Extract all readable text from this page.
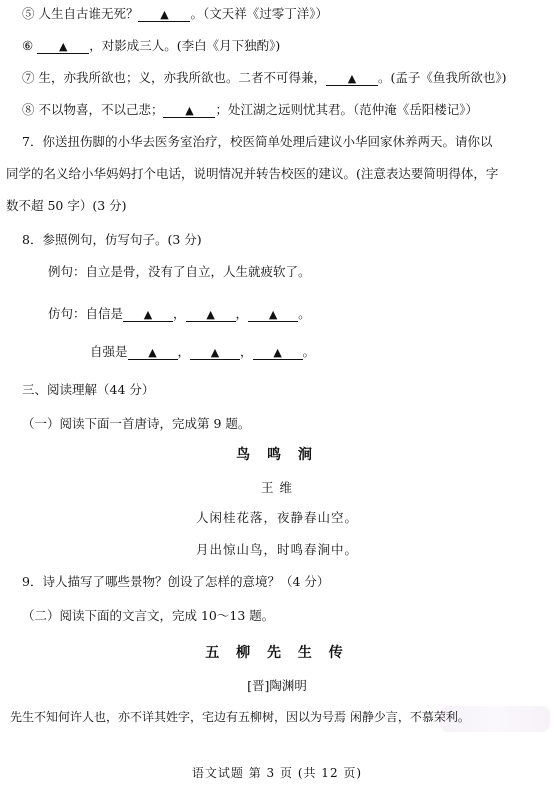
⑤ 人生自古谁无死？ ▲ 。（文天祥《过零丁洋》）
⑥ ▲ ，对影成三人。(李白《月下独酌》)
⑦ 生，亦我所欲也；义，亦我所欲也。二者不可得兼， ▲ 。(孟子《鱼我所欲也》)
⑧ 不以物喜，不以己悲； ▲ ；处江湖之远则忧其君。（范仲淹《岳阳楼记》）
7．你送扭伤脚的小华去医务室治疗，校医简单处理后建议小华回家休养两天。请你以
同学的名义给小华妈妈打个电话，说明情况并转告校医的建议。(注意表达要简明得体，字
数不超 50 字）(3 分)
8．参照例句，仿写句子。(3 分)
例句：自立是骨，没有了自立，人生就疲软了。
仿句：自信是 ▲ ， ▲ ， ▲ 。
自强是 ▲ ， ▲ ， ▲ 。
三、阅读理解（44 分）
（一）阅读下面一首唐诗，完成第 9 题。
鸟 鸣 涧
王 维
人闲桂花落，夜静春山空。
月出惊山鸟，时鸣春涧中。
9．诗人描写了哪些景物？创设了怎样的意境？（4 分）
（二）阅读下面的文言文，完成 10～13 题。
五 柳 先 生 传
[晋]陶渊明
先生不知何许人也，亦不详其姓字，宅边有五柳树，因以为号焉 闲静少言，不慕荣利。
语文试题 第 3 页 (共 12 页)
